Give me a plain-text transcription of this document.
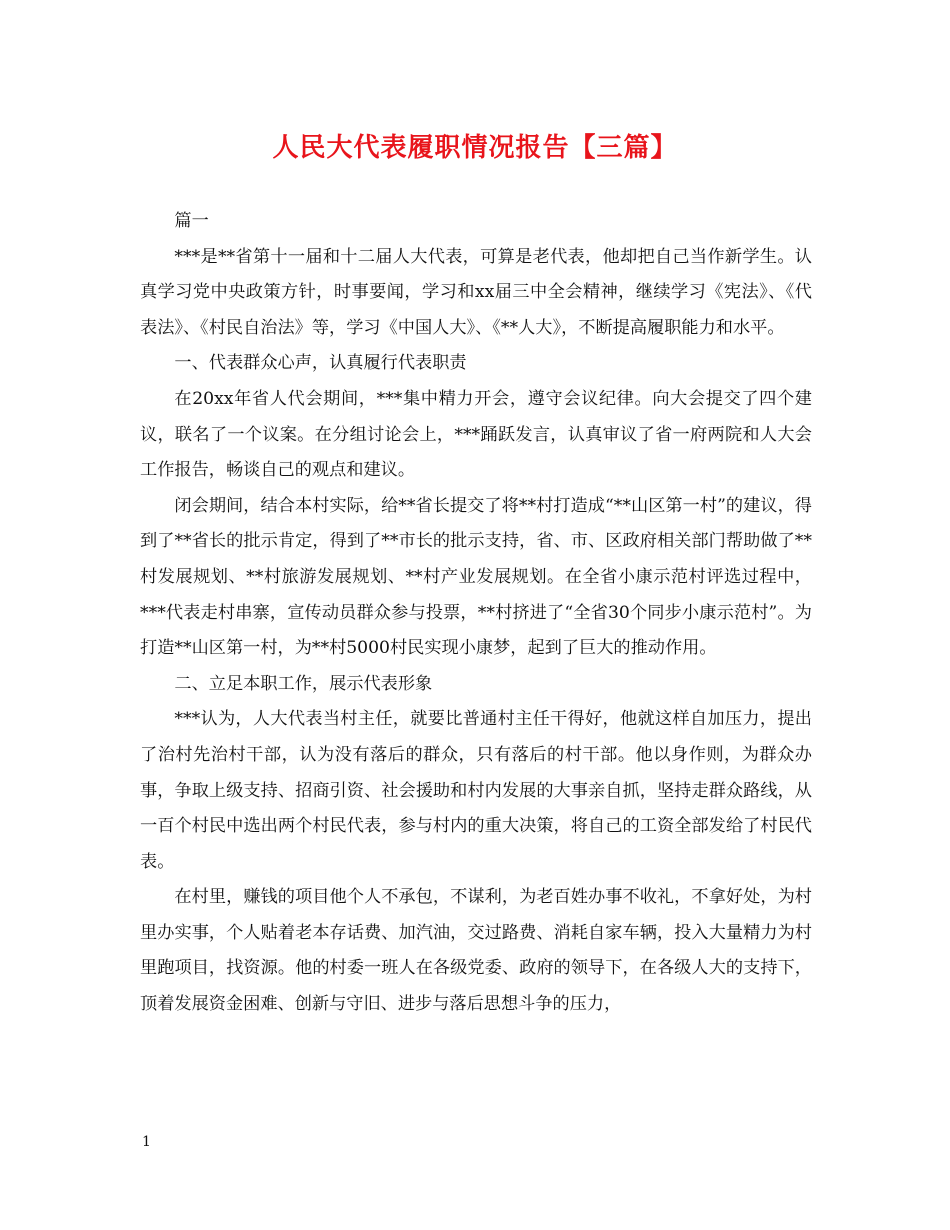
人民大代表履职情况报告【三篇】

篇一

***是**省第十一届和十二届人大代表，可算是老代表，他却把自己当作新学生。认真学习党中央政策方针，时事要闻，学习和xx届三中全会精神，继续学习《宪法》、《代表法》、《村民自治法》等，学习《中国人大》、《**人大》，不断提高履职能力和水平。

一、代表群众心声，认真履行代表职责

在20xx年省人代会期间，***集中精力开会，遵守会议纪律。向大会提交了四个建议，联名了一个议案。在分组讨论会上，***踊跃发言，认真审议了省一府两院和人大会工作报告，畅谈自己的观点和建议。

闭会期间，结合本村实际，给**省长提交了将**村打造成“**山区第一村”的建议，得到了**省长的批示肯定，得到了**市长的批示支持，省、市、区政府相关部门帮助做了**村发展规划、**村旅游发展规划、**村产业发展规划。在全省小康示范村评选过程中，***代表走村串寨，宣传动员群众参与投票，**村挤进了“全省30个同步小康示范村”。为打造**山区第一村，为**村5000村民实现小康梦，起到了巨大的推动作用。

二、立足本职工作，展示代表形象

***认为，人大代表当村主任，就要比普通村主任干得好，他就这样自加压力，提出了治村先治村干部，认为没有落后的群众，只有落后的村干部。他以身作则，为群众办事，争取上级支持、招商引资、社会援助和村内发展的大事亲自抓，坚持走群众路线，从一百个村民中选出两个村民代表，参与村内的重大决策，将自己的工资全部发给了村民代表。

在村里，赚钱的项目他个人不承包，不谋利，为老百姓办事不收礼，不拿好处，为村里办实事，个人贴着老本存话费、加汽油，交过路费、消耗自家车辆，投入大量精力为村里跑项目，找资源。他的村委一班人在各级党委、政府的领导下，在各级人大的支持下，顶着发展资金困难、创新与守旧、进步与落后思想斗争的压力，

1
